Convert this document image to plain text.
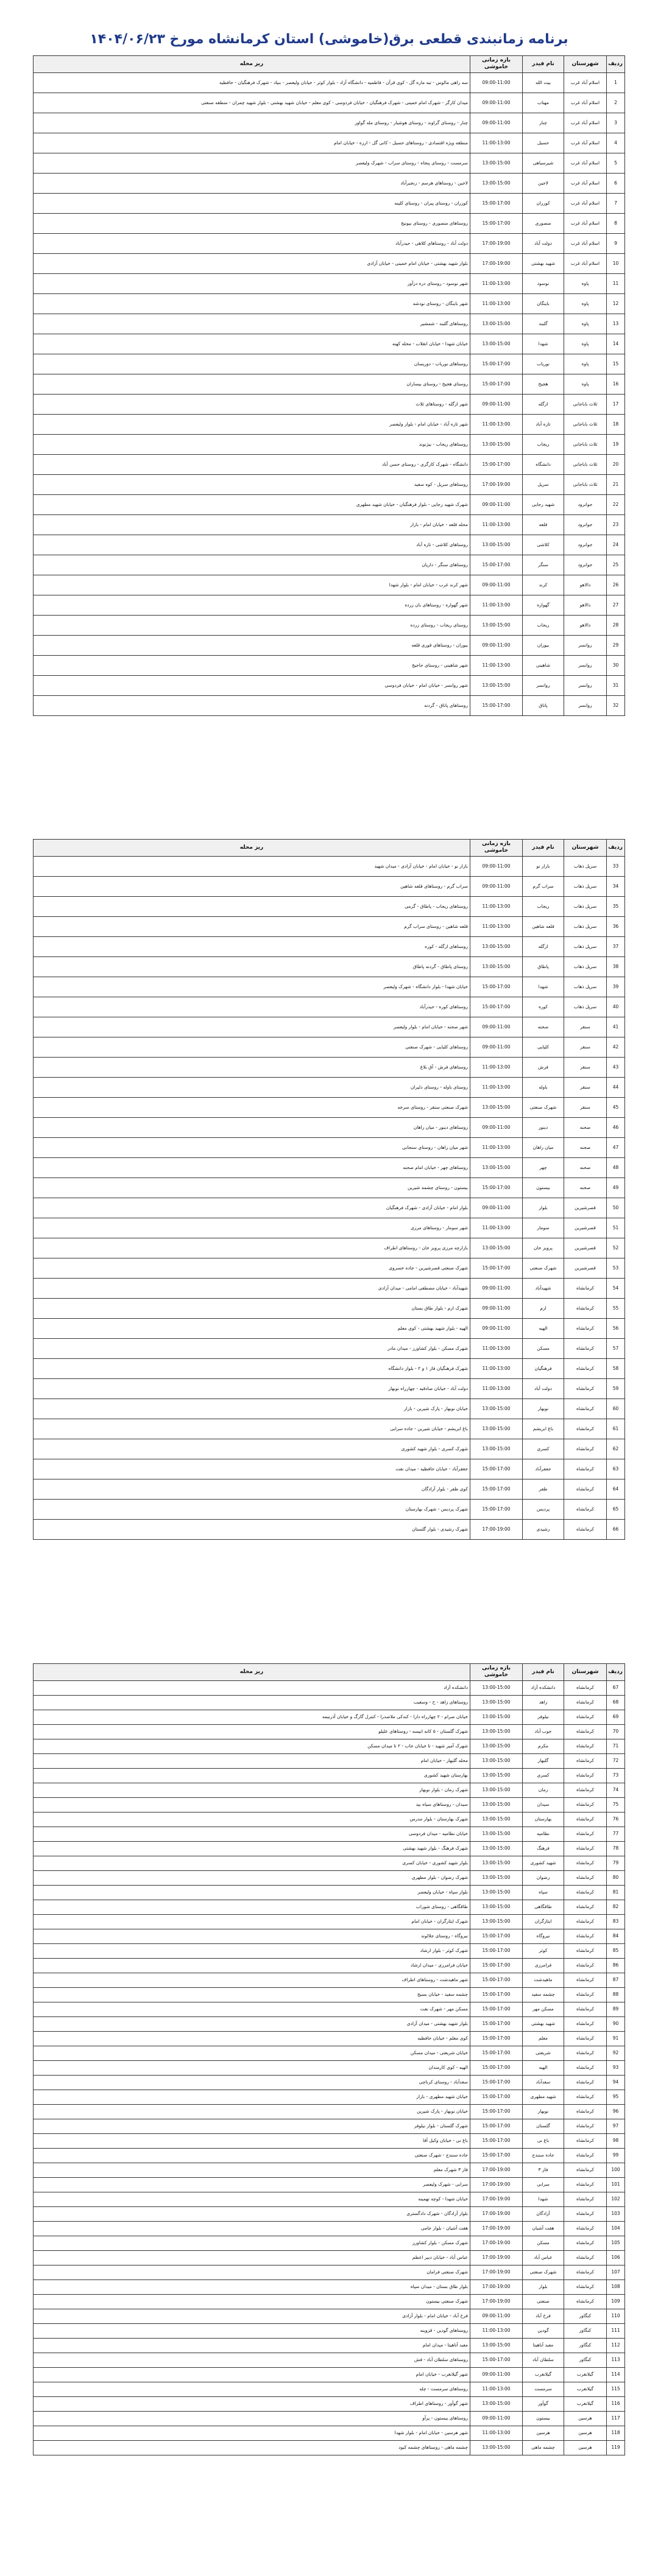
برنامه زمانبندی قطعی برق(خاموشی) استان کرمانشاه مورخ ۱۴۰۴/۰۶/۲۳
ردیف	شهرستان	نام فیدر	بازه زمانی خاموشی	ریز محله
1	اسلام آباد غرب	بیت الله	09:00-11:00	سه راهی مالوس - تبه ماره گل - کوی قرآن - فاطمیه - دانشگاه آزاد - بلوار کوثر - خیابان ولیعصر - بنیاد - شهرک فرهنگیان - حافظیه
2	اسلام آباد غرب	مهتاب	09:00-11:00	میدان کارگر - شهرک امام خمینی - شهرک فرهنگیان - خیابان فردوسی - کوی معلم - خیابان شهید بهشتی - بلوار شهید چمران - منطقه صنعتی
3	اسلام آباد غرب	چنار	09:00-11:00	چنار - روستای گراوند - روستای هوشیار - روستای مله گواور
4	اسلام آباد غرب	حسیل	11:00-13:00	منطقه ویژه اقتصادی - روستاهای حسیل - کانی گل - ارزه - خیابان امام
5	اسلام آباد غرب	شیرسیاهی	13:00-15:00	سرمست - روستای پنجاه - روستای سراب - شهرک ولیعصر
6	اسلام آباد غرب	لاجین	13:00-15:00	لاجین - روستاهای هرسم - زنجیرآباد
7	اسلام آباد غرب	کوزران	15:00-17:00	کوزران - روستای پیران - روستای کلینه
8	اسلام آباد غرب	منصوری	15:00-17:00	روستاهای منصوری - روستای بیونیج
9	اسلام آباد غرب	دولت آباد	17:00-19:00	دولت آباد - روستاهای کلاهی - حیدرآباد
10	اسلام آباد غرب	شهید بهشتی	17:00-19:00	بلوار شهید بهشتی - خیابان امام خمینی - خیابان آزادی
11	پاوه	نوسود	11:00-13:00	شهر نوسود - روستای دره دزآور
12	پاوه	باینگان	11:00-13:00	شهر باینگان - روستای نودشه
13	پاوه	گلبند	13:00-15:00	روستاهای گلبند - شمشیر
14	پاوه	شهدا	13:00-15:00	خیابان شهدا - خیابان انقلاب - محله کهنه
15	پاوه	نوریاب	15:00-17:00	روستاهای نوریاب - دوریسان
16	پاوه	هجیج	15:00-17:00	روستای هجیج - روستای بیساران
17	ثلاث باباجانی	ازگله	09:00-11:00	شهر ازگله - روستاهای ثلاث
18	ثلاث باباجانی	تازه آباد	11:00-13:00	شهر تازه آباد - خیابان امام - بلوار ولیعصر
19	ثلاث باباجانی	ریجاب	13:00-15:00	روستاهای ریجاب - بیژنوند
20	ثلاث باباجانی	دانشگاه	15:00-17:00	دانشگاه - شهرک کارگری - روستای حسن آباد
21	ثلاث باباجانی	سرپل	17:00-19:00	روستاهای سرپل - کوه سفید
22	جوانرود	شهید رجایی	09:00-11:00	شهرک شهید رجایی - بلوار فرهنگیان - خیابان شهید مطهری
23	جوانرود	قلعه	11:00-13:00	محله قلعه - خیابان امام - بازار
24	جوانرود	کلاشی	13:00-15:00	روستاهای کلاشی - تازه آباد
25	جوانرود	سنگر	15:00-17:00	روستاهای سنگر - داریان
26	دالاهو	کرند	09:00-11:00	شهر کرند غرب - خیابان امام - بلوار شهدا
27	دالاهو	گهواره	11:00-13:00	شهر گهواره - روستاهای بان زرده
28	دالاهو	ریجاب	13:00-15:00	روستای ریجاب - روستای زرده
29	روانسر	بیوران	09:00-11:00	بیوران - روستاهای قوری قلعه
30	روانسر	شاهینی	11:00-13:00	شهر شاهینی - روستای حاجیج
31	روانسر	روانسر	13:00-15:00	شهر روانسر - خیابان امام - خیابان فردوسی
32	روانسر	پاتاق	15:00-17:00	روستاهای پاتاق - گردنه
ردیف	شهرستان	نام فیدر	بازه زمانی خاموشی	ریز محله
33	سرپل ذهاب	بازار نو	09:00-11:00	بازار نو - خیابان امام - خیابان آزادی - میدان شهید
34	سرپل ذهاب	سراب گرم	09:00-11:00	سراب گرم - روستاهای قلعه شاهین
35	سرپل ذهاب	ریجاب	11:00-13:00	روستاهای ریجاب - پاطاق - گرمی
36	سرپل ذهاب	قلعه شاهین	11:00-13:00	قلعه شاهین - روستای سراب گرم
37	سرپل ذهاب	ازگله	13:00-15:00	روستاهای ازگله - کوره
38	سرپل ذهاب	پاطاق	13:00-15:00	روستای پاطاق - گردنه پاطاق
39	سرپل ذهاب	شهدا	15:00-17:00	خیابان شهدا - بلوار دانشگاه - شهرک ولیعصر
40	سرپل ذهاب	کوره	15:00-17:00	روستاهای کوره - حیدرآباد
41	سنقر	صحنه	09:00-11:00	شهر صحنه - خیابان امام - بلوار ولیعصر
42	سنقر	کلیایی	09:00-11:00	روستاهای کلیایی - شهرک صنعتی
43	سنقر	فرش	11:00-13:00	روستاهای فرش - آق بلاغ
44	سنقر	باوله	11:00-13:00	روستای باوله - روستای دلیران
45	سنقر	شهرک صنعتی	13:00-15:00	شهرک صنعتی سنقر - روستای سرخه
46	صحنه	دینور	09:00-11:00	روستاهای دینور - میان راهان
47	صحنه	میان راهان	11:00-13:00	شهر میان راهان - روستای سنجابی
48	صحنه	چهر	13:00-15:00	روستاهای چهر - خیابان امام صحنه
49	صحنه	بیستون	15:00-17:00	بیستون - روستای چشمه شیرین
50	قصرشیرین	بلوار	09:00-11:00	بلوار امام - خیابان آزادی - شهرک فرهنگیان
51	قصرشیرین	سومار	11:00-13:00	شهر سومار - روستاهای مرزی
52	قصرشیرین	پرویز خان	13:00-15:00	بازارچه مرزی پرویز خان - روستاهای اطراف
53	قصرشیرین	شهرک صنعتی	15:00-17:00	شهرک صنعتی قصرشیرین - جاده خسروی
54	کرمانشاه	شهیدآباد	09:00-11:00	شهیدآباد - خیابان مصطفی امامی - میدان آزادی
55	کرمانشاه	ارم	09:00-11:00	شهرک ارم - بلوار طاق بستان
56	کرمانشاه	الهیه	09:00-11:00	الهیه - بلوار شهید بهشتی - کوی معلم
57	کرمانشاه	مسکن	11:00-13:00	شهرک مسکن - بلوار کشاورز - میدان مادر
58	کرمانشاه	فرهنگیان	11:00-13:00	شهرک فرهنگیان فاز ۱ و ۲ - بلوار دانشگاه
59	کرمانشاه	دولت آباد	11:00-13:00	دولت آباد - خیابان صادقیه - چهارراه نوبهار
60	کرمانشاه	نوبهار	13:00-15:00	خیابان نوبهار - پارک شیرین - بازار
61	کرمانشاه	باغ ابریشم	13:00-15:00	باغ ابریشم - خیابان شیرین - جاده سرابی
62	کرمانشاه	کسری	13:00-15:00	شهرک کسری - بلوار شهید کشوری
63	کرمانشاه	جعفرآباد	15:00-17:00	جعفرآباد - خیابان حافظیه - میدان نفت
64	کرمانشاه	ظفر	15:00-17:00	کوی ظفر - بلوار آزادگان
65	کرمانشاه	پردیس	15:00-17:00	شهرک پردیس - شهرک بهارستان
66	کرمانشاه	رشیدی	17:00-19:00	شهرک رشیدی - بلوار گلستان
ردیف	شهرستان	نام فیدر	بازه زمانی خاموشی	ریز محله
67	کرمانشاه	دانشکده آزاد	13:00-15:00	دانشکده آزاد
68	کرمانشاه	زاهد	13:00-15:00	روستاهای زاهد - ح - وسعیب
69	کرمانشاه	نیلوفر	13:00-15:00	خیابان صرام - ۲ چهارراه دارا - کندکی ملاصدرا - کنترل گارگ و خیابان آذرنیمه
70	کرمانشاه	جوب آباد	13:00-15:00	شهرک گلستان - ۵ کانه انیسه - روستاهای علیلو
71	کرمانشاه	مکرم	13:00-15:00	شهرک آمیر شهید - تا خیابان جاب - ۲ تا میدان مسکن
72	کرمانشاه	گلبهار	13:00-15:00	محله گلبهار - خیابان امام
73	کرمانشاه	کسری	13:00-15:00	بهارستان شهید کشوری
74	کرمانشاه	زمان	13:00-15:00	شهرک زمان - بلوار نوبهار
75	کرمانشاه	سیدان	13:00-15:00	سیدان - روستاهای سیاه بید
76	کرمانشاه	بهارستان	13:00-15:00	شهرک بهارستان - بلوار مدرس
77	کرمانشاه	نظامیه	13:00-15:00	خیابان نظامیه - میدان فردوسی
78	کرمانشاه	فرهنگ	13:00-15:00	شهرک فرهنگ - بلوار شهید بهشتی
79	کرمانشاه	شهید کشوری	13:00-15:00	بلوار شهید کشوری - خیابان کسری
80	کرمانشاه	رضوان	13:00-15:00	شهرک رضوان - بلوار مطهری
81	کرمانشاه	سپاه	13:00-15:00	بلوار سپاه - خیابان ولیعصر
82	کرمانشاه	طاقگاهی	13:00-15:00	طاقگاهی - روستای شوراب
83	کرمانشاه	ایثارگران	13:00-15:00	شهرک ایثارگران - خیابان امام
84	کرمانشاه	نیروگاه	15:00-17:00	نیروگاه - روستای جلالوند
85	کرمانشاه	کوثر	15:00-17:00	شهرک کوثر - بلوار ارشاد
86	کرمانشاه	فرامرزی	15:00-17:00	خیابان فرامرزی - میدان ارشاد
87	کرمانشاه	ماهیدشت	15:00-17:00	شهر ماهیدشت - روستاهای اطراف
88	کرمانشاه	چشمه سفید	15:00-17:00	چشمه سفید - خیابان بسیج
89	کرمانشاه	مسکن مهر	15:00-17:00	مسکن مهر - شهرک نفت
90	کرمانشاه	شهید بهشتی	15:00-17:00	بلوار شهید بهشتی - میدان آزادی
91	کرمانشاه	معلم	15:00-17:00	کوی معلم - خیابان حافظیه
92	کرمانشاه	شریعتی	15:00-17:00	خیابان شریعتی - میدان مسکن
93	کرمانشاه	الهیه	15:00-17:00	الهیه - کوی کارمندان
94	کرمانشاه	سعدآباد	15:00-17:00	سعدآباد - روستای کرناچی
95	کرمانشاه	شهید مطهری	15:00-17:00	خیابان شهید مطهری - بازار
96	کرمانشاه	نوبهار	15:00-17:00	خیابان نوبهار - پارک شیرین
97	کرمانشاه	گلستان	15:00-17:00	شهرک گلستان - بلوار نیلوفر
98	کرمانشاه	باغ نی	15:00-17:00	باغ نی - خیابان وکیل آقا
99	کرمانشاه	جاده سنندج	15:00-17:00	جاده سنندج - شهرک صنعتی
100	کرمانشاه	فاز ۳	17:00-19:00	فاز ۳ شهرک معلم
101	کرمانشاه	سرابی	17:00-19:00	سرابی - شهرک ولیعصر
102	کرمانشاه	شهدا	17:00-19:00	خیابان شهدا - کوچه تهمینه
103	کرمانشاه	آزادگان	17:00-19:00	بلوار آزادگان - شهرک دادگستری
104	کرمانشاه	هفت آشیان	17:00-19:00	هفت آشیان - بلوار جامی
105	کرمانشاه	مسکن	17:00-19:00	شهرک مسکن - بلوار کشاورز
106	کرمانشاه	عباس آباد	17:00-19:00	عباس آباد - خیابان دبیر اعظم
107	کرمانشاه	شهرک صنعتی	17:00-19:00	شهرک صنعتی فرامان
108	کرمانشاه	بلوار	17:00-19:00	بلوار طاق بستان - میدان سپاه
109	کرمانشاه	صنعتی	17:00-19:00	شهرک صنعتی بیستون
110	کنگاور	فرخ آباد	09:00-11:00	فرخ آباد - خیابان امام - بلوار آزادی
111	کنگاور	گودین	11:00-13:00	روستاهای گودین - قزوینه
112	کنگاور	معبد آناهیتا	13:00-15:00	معبد آناهیتا - میدان امام
113	کنگاور	سلطان آباد	15:00-17:00	روستاهای سلطان آباد - فش
114	گیلانغرب	گیلانغرب	09:00-11:00	شهر گیلانغرب - خیابان امام
115	گیلانغرب	سرمست	11:00-13:00	روستاهای سرمست - چله
116	گیلانغرب	گوآور	13:00-15:00	شهر گوآور - روستاهای اطراف
117	هرسین	بیستون	09:00-11:00	روستاهای بیستون - پرآو
118	هرسین	هرسین	11:00-13:00	شهر هرسین - خیابان امام - بلوار شهدا
119	هرسین	چشمه ماهی	13:00-15:00	چشمه ماهی - روستاهای چشمه کبود
